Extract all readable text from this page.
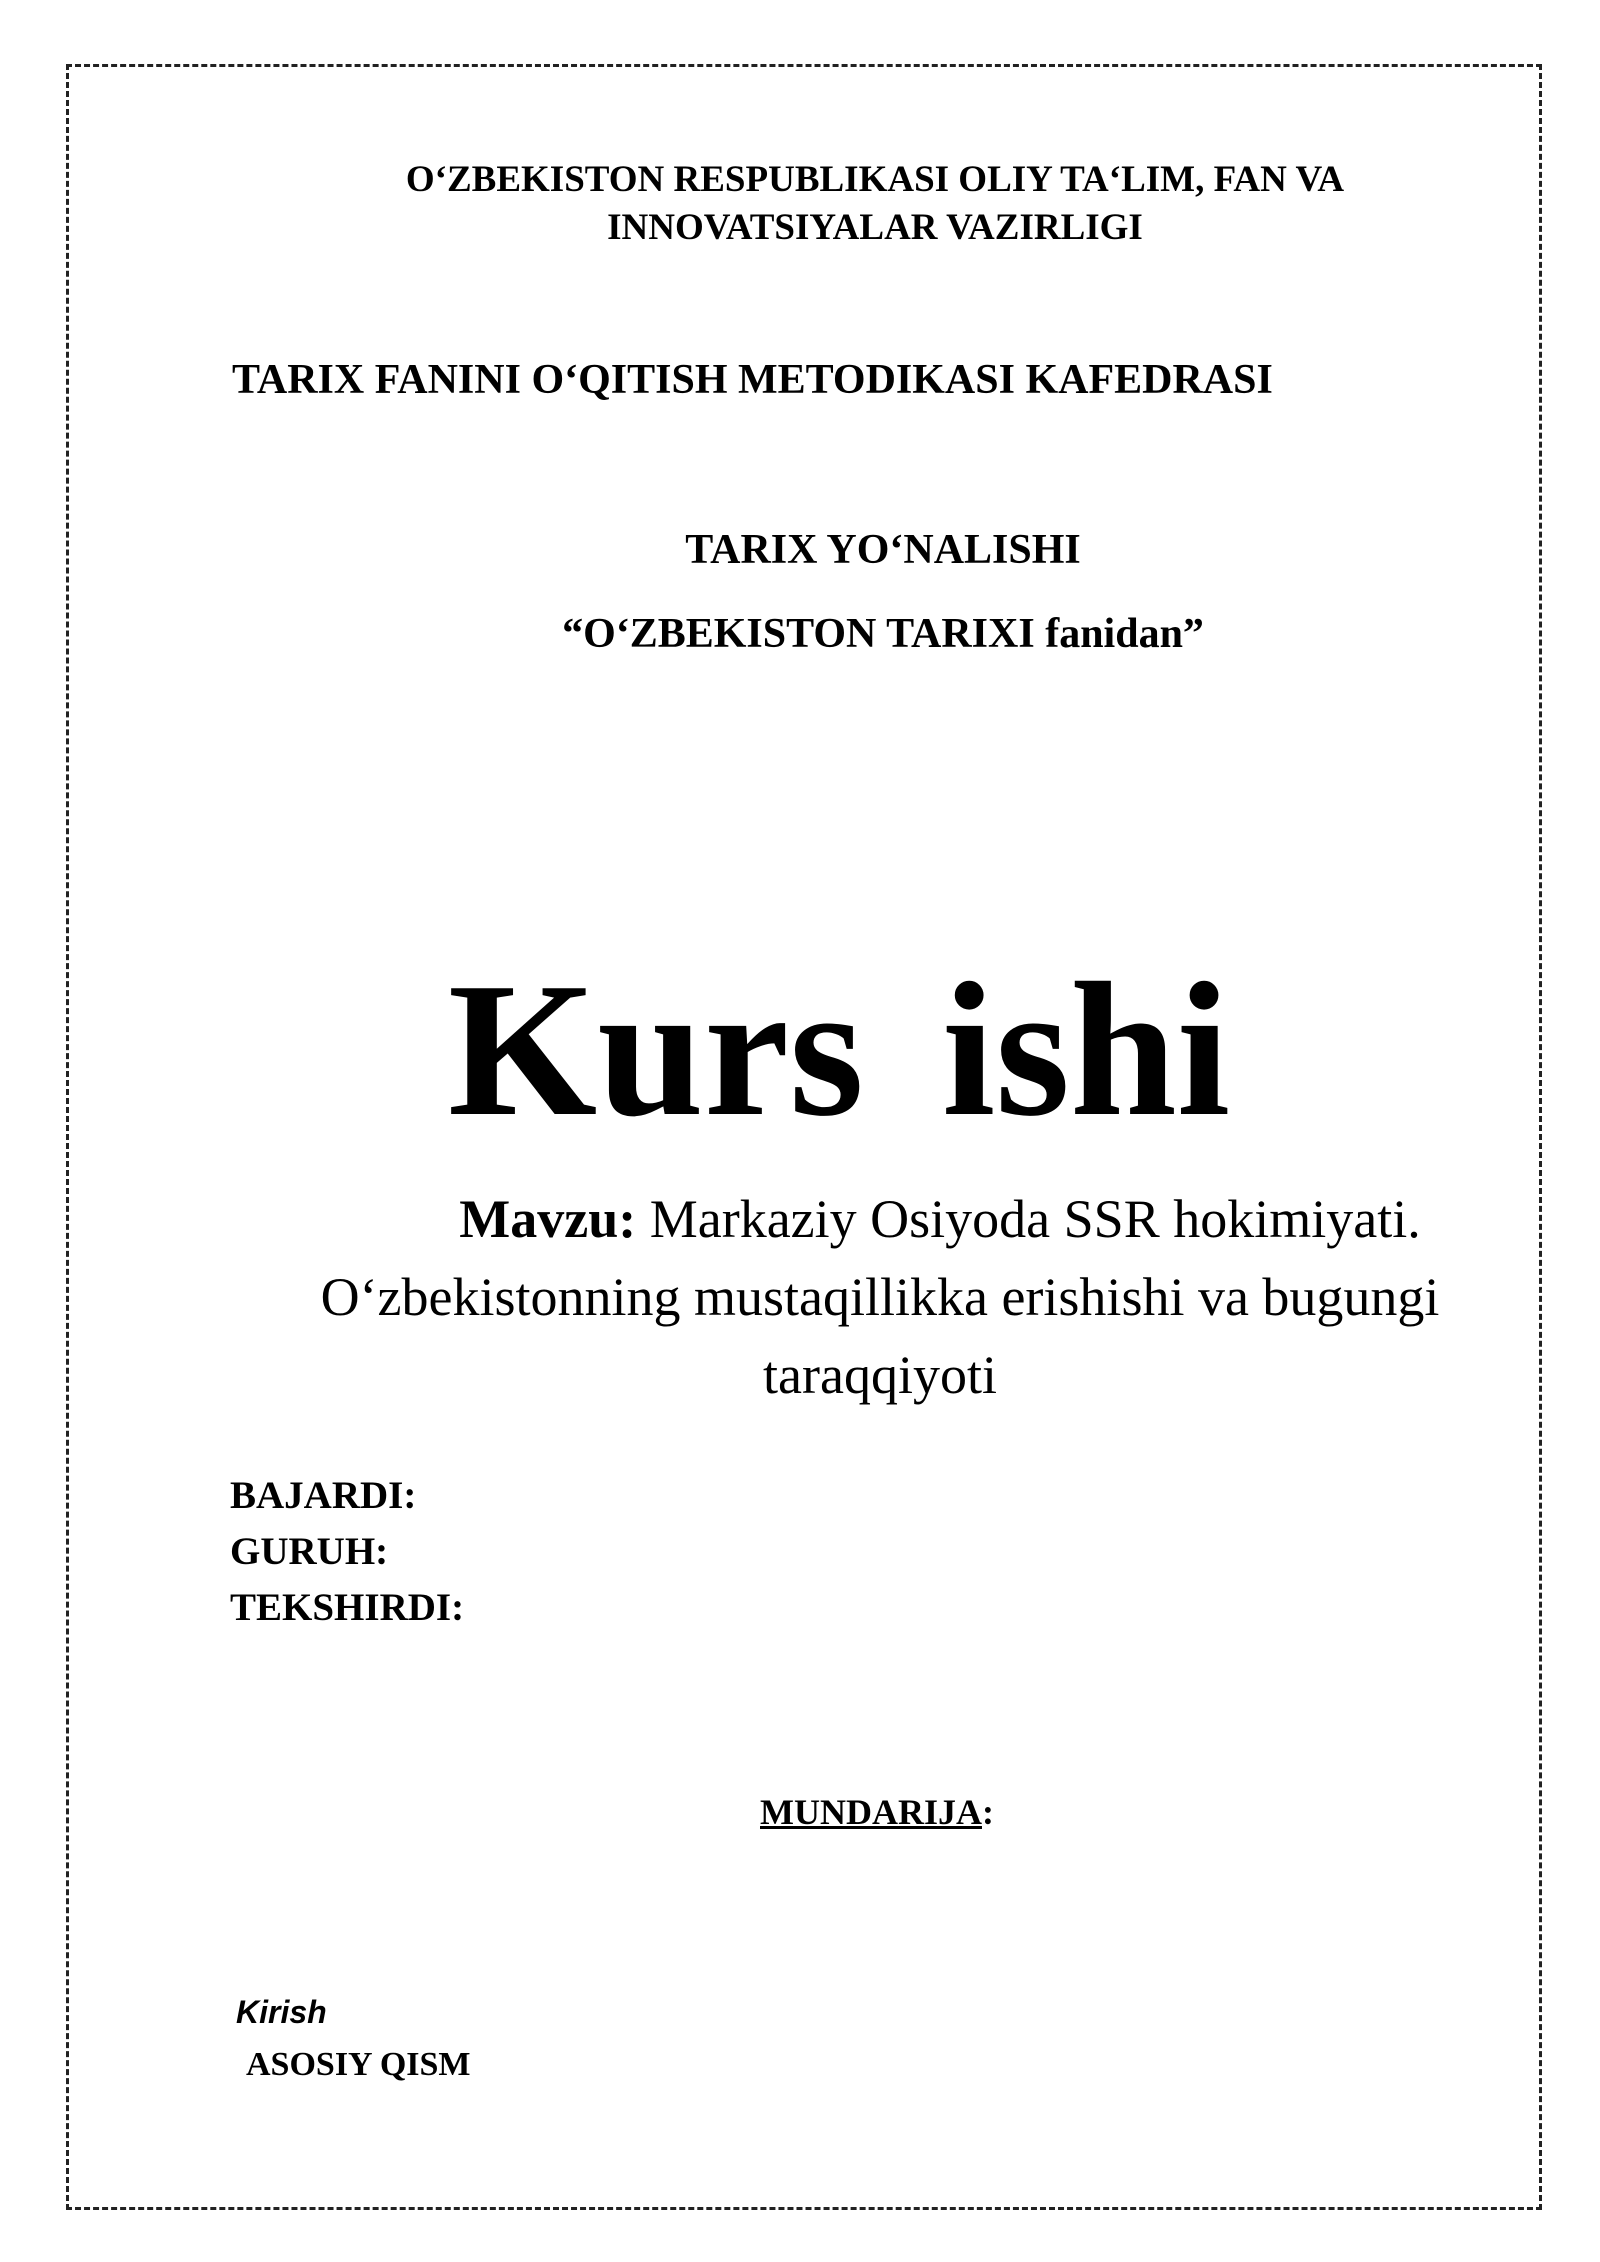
O‘ZBEKISTON RESPUBLIKASI OLIY TA‘LIM, FAN VA
INNOVATSIYALAR VAZIRLIGI
TARIX FANINI O‘QITISH METODIKASI KAFEDRASI
TARIX YO‘NALISHI
“O‘ZBEKISTON TARIXI fanidan”
Kurs ishi
Mavzu: Markaziy Osiyoda SSR hokimiyati.
O‘zbekistonning mustaqillikka erishishi va bugungi
taraqqiyoti
BAJARDI:
GURUH:
TEKSHIRDI:
MUNDARIJA:
Kirish
ASOSIY QISM
